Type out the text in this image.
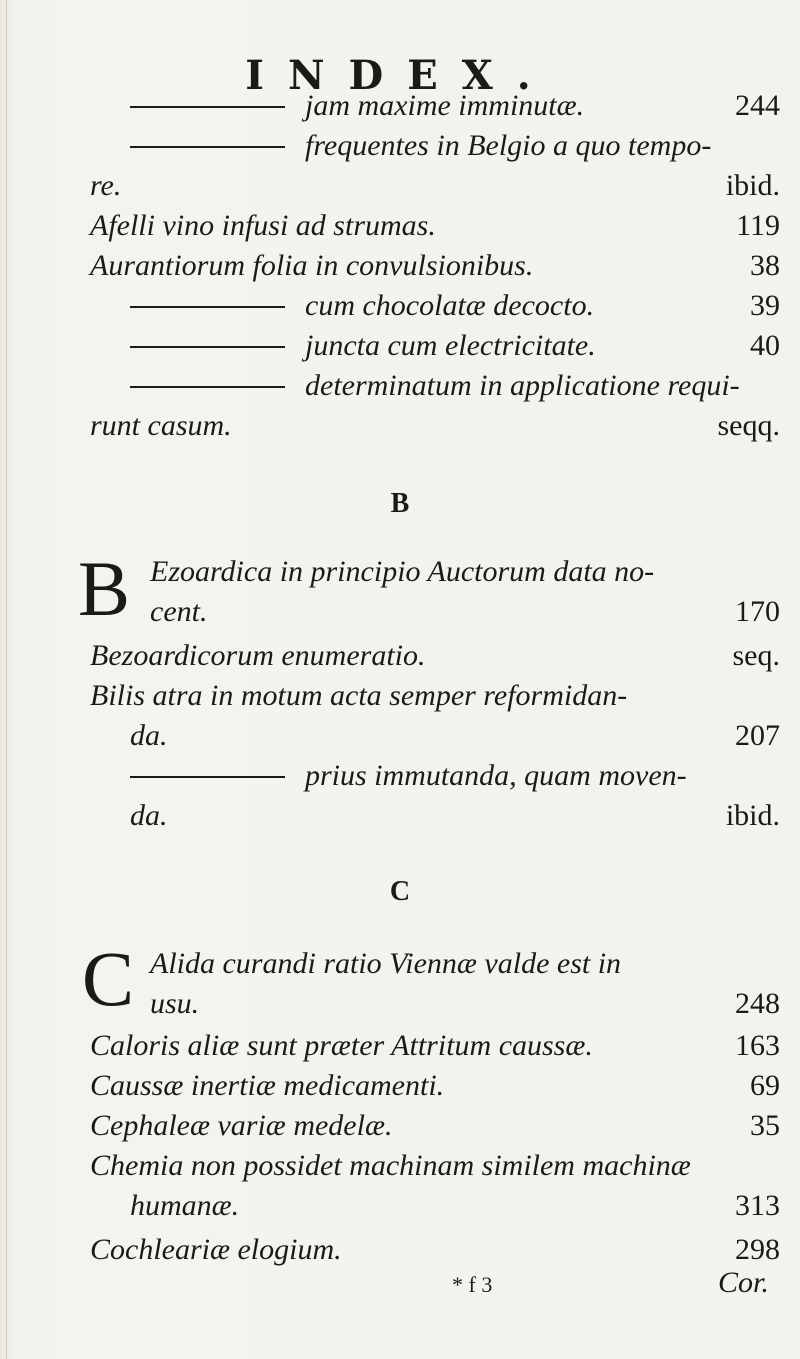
INDEX.
jam maxime imminutæ.	244
frequentes in Belgio a quo tempo-
re.	ibid.
Afelli vino infusi ad strumas.	119
Aurantiorum folia in convulsionibus.	38
cum chocolatæ decocto.	39
juncta cum electricitate.	40
determinatum in applicatione requi-
runt casum.	seqq.
B
B Ezoardica in principio Auctorum data no-
cent.	170
Bezoardicorum enumeratio.	seq.
Bilis atra in motum acta semper reformidan-
da.	207
prius immutanda, quam moven-
da.	ibid.
C
C Alida curandi ratio Viennæ valde est in
usu.	248
Caloris aliæ sunt præter Attritum caussæ.	163
Caussæ inertiæ medicamenti.	69
Cephaleæ variæ medelæ.	35
Chemia non possidet machinam similem machinæ
humanæ.	313
Cochleariæ elogium.	298
* f 3	Cor.
